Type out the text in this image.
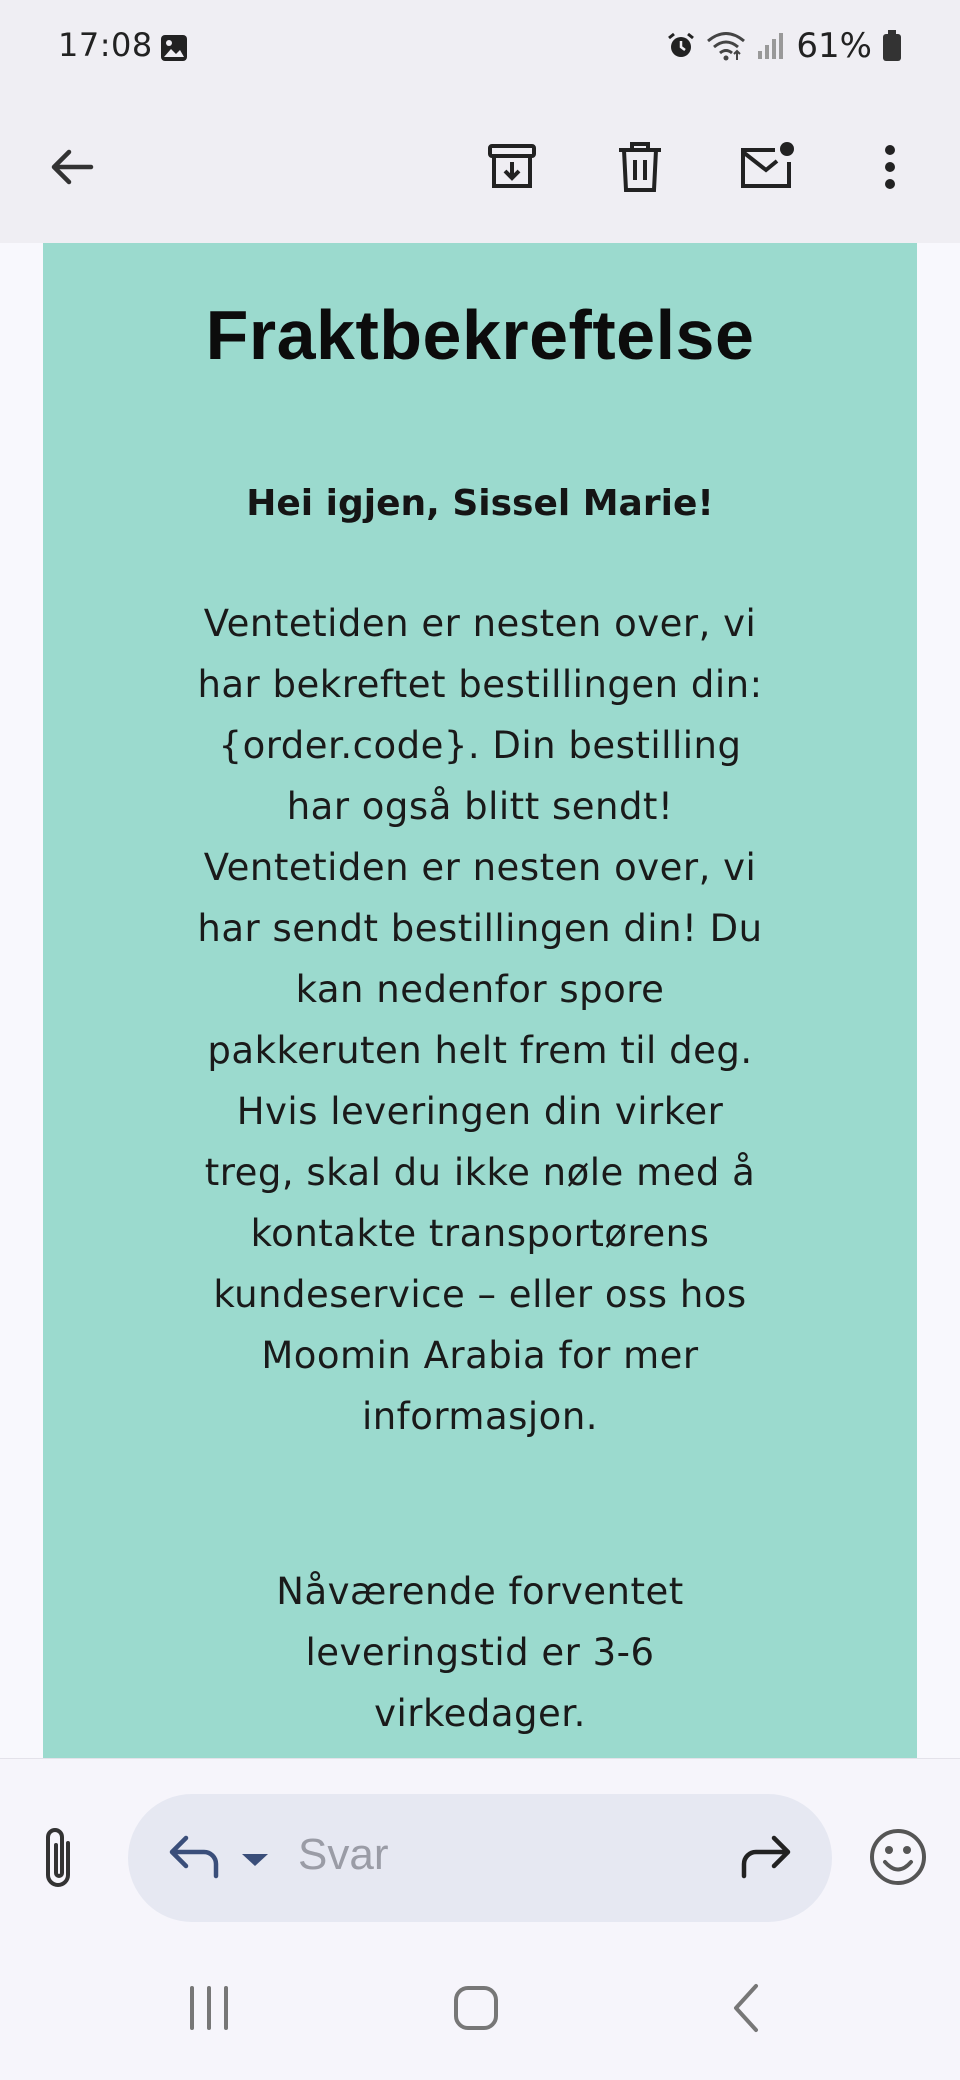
17:08	61%
Fraktbekreftelse
Hei igjen, Sissel Marie!
Ventetiden er nesten over, vi har bekreftet bestillingen din: {order.code}. Din bestilling har også blitt sendt! Ventetiden er nesten over, vi har sendt bestillingen din! Du kan nedenfor spore pakkeruten helt frem til deg. Hvis leveringen din virker treg, skal du ikke nøle med å kontakte transportørens kundeservice – eller oss hos Moomin Arabia for mer informasjon.
Nåværende forventet leveringstid er 3-6 virkedager.
Svar
